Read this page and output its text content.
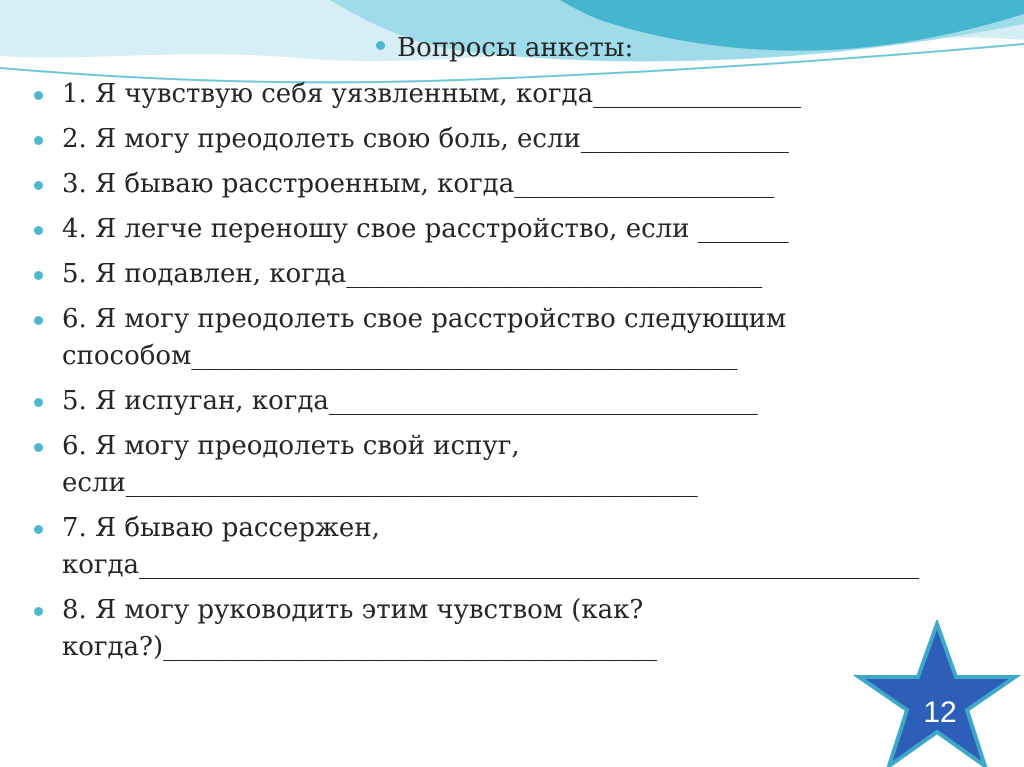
Вопросы анкеты:
1. Я чувствую себя уязвленным, когда________________
2. Я могу преодолеть свою боль, если________________
3. Я бываю расстроенным, когда____________________
4. Я легче переношу свое расстройство, если _______
5. Я подавлен, когда________________________________
6. Я могу преодолеть свое расстройство следующим
способом__________________________________________
5. Я испуган, когда_________________________________
6. Я могу преодолеть свой испуг,
если____________________________________________
7. Я бываю рассержен,
когда____________________________________________________________
8. Я могу руководить этим чувством (как?
когда?)______________________________________
12
